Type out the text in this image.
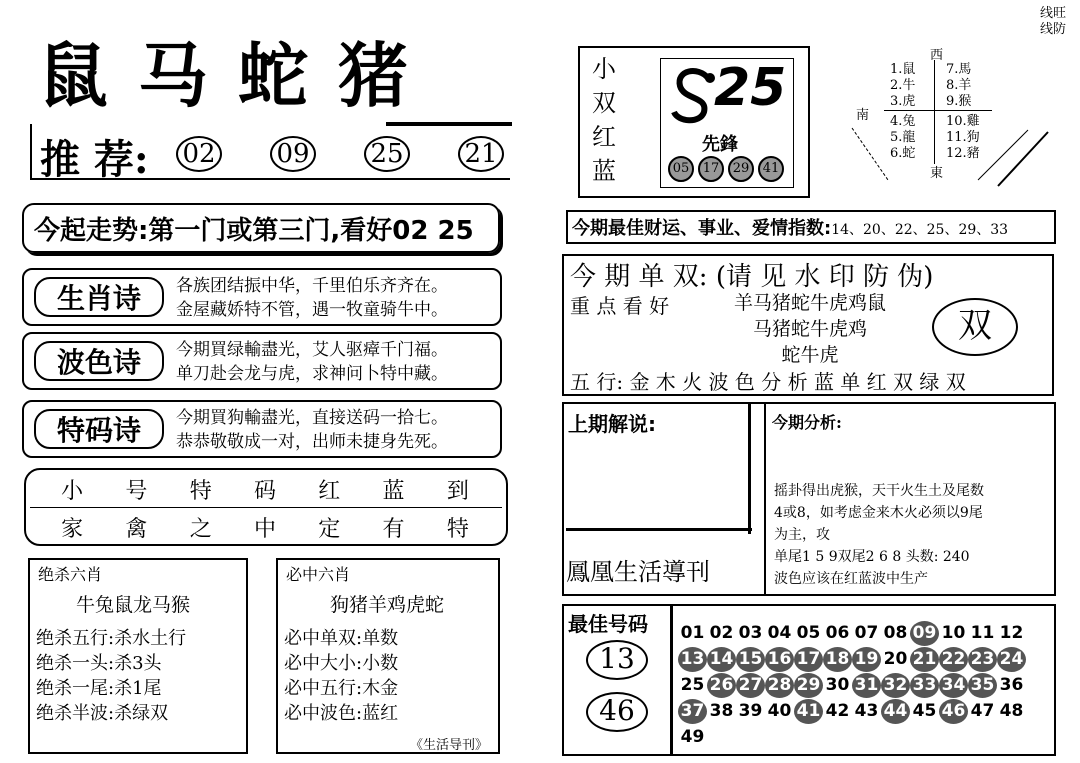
线旺
线防
鼠马蛇猪
推 荐: 02 09 25 21
今起走势:第一门或第三门,看好02 25
生肖诗	各族团结振中华，千里伯乐齐齐在。
金屋藏娇特不管，遇一牧童骑牛中。
波色诗	今期買绿輸盡光，艾人驱瘴千门福。
单刀赴会龙与虎，求神问卜特中藏。
特码诗	今期買狗輸盡光，直接送码一拾七。
恭恭敬敬成一对，出师未捷身先死。
小 号 特 码 红 蓝 到
家 禽 之 中 定 有 特
绝杀六肖
牛兔鼠龙马猴
绝杀五行:杀水土行
绝杀一头:杀3头
绝杀一尾:杀1尾
绝杀半波:杀绿双
必中六肖
狗猪羊鸡虎蛇
必中单双:单数
必中大小:小数
必中五行:木金
必中波色:蓝红
《生活导刊》
小
双
红
蓝
25
先鋒
05	17	29	41
西
南
東
1.鼠
2.牛
3.虎
4.兔
5.龍
6.蛇
7.馬
8.羊
9.猴
10.雞
11.狗
12.豬
今期最佳财运、事业、爱情指数:14、20、22、25、29、33
今 期 单 双: (请 见 水 印 防 伪)
重 点 看 好	羊马猪蛇牛虎鸡鼠
马猪蛇牛虎鸡
蛇牛虎
双
五 行: 金 木 火 波 色 分 析 蓝 单 红 双 绿 双
上期解说:
鳳凰生活導刊
今期分析:
摇卦得出虎猴，天干火生土及尾数
4或8，如考虑金来木火必须以9尾
为主，攻
单尾1 5 9双尾2 6 8 头数: 240
波色应该在红蓝波中生产
最佳号码
13
46
01 02 03 04 05 06 07 08 09 10 11 12
13 14 15 16 17 18 19 20 21 22 23 24
25 26 27 28 29 30 31 32 33 34 35 36
37 38 39 40 41 42 43 44 45 46 47 48
49
